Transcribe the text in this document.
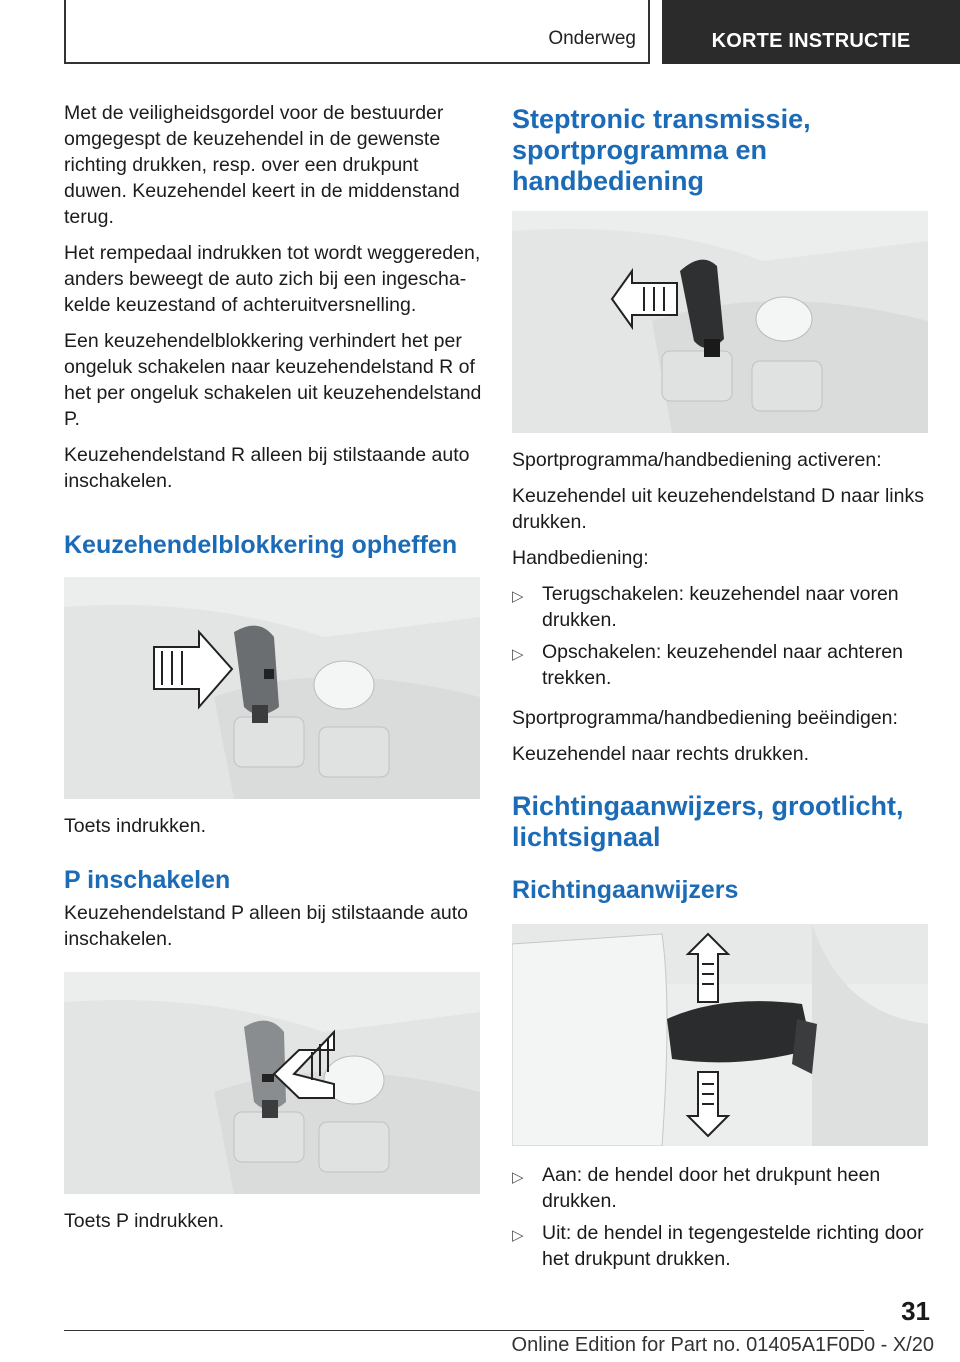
Onderweg	KORTE INSTRUCTIE

Met de veiligheidsgordel voor de bestuurder omgegespt de keuzehendel in de gewenste richting drukken, resp. over een drukpunt duwen. Keuzehendel keert in de middenstand terug.

Het rempedaal indrukken tot wordt weggereden, anders beweegt de auto zich bij een ingeschakelde keuzestand of achteruitversnelling.

Een keuzehendelblokkering verhindert het per ongeluk schakelen naar keuzehendelstand R of het per ongeluk schakelen uit keuzehendelstand P.

Keuzehendelstand R alleen bij stilstaande auto inschakelen.

Keuzehendelblokkering opheffen

Toets indrukken.

P inschakelen

Keuzehendelstand P alleen bij stilstaande auto inschakelen.

Toets P indrukken.

Steptronic transmissie, sportprogramma en handbediening

Sportprogramma/handbediening activeren:

Keuzehendel uit keuzehendelstand D naar links drukken.

Handbediening:

▷ Terugschakelen: keuzehendel naar voren drukken.
▷ Opschakelen: keuzehendel naar achteren trekken.

Sportprogramma/handbediening beëindigen:

Keuzehendel naar rechts drukken.

Richtingaanwijzers, grootlicht, lichtsignaal
Richtingaanwijzers
▷ Aan: de hendel door het drukpunt heen drukken.
▷ Uit: de hendel in tegengestelde richting door het drukpunt drukken.
31
Online Edition for Part no. 01405A1F0D0 - X/20
